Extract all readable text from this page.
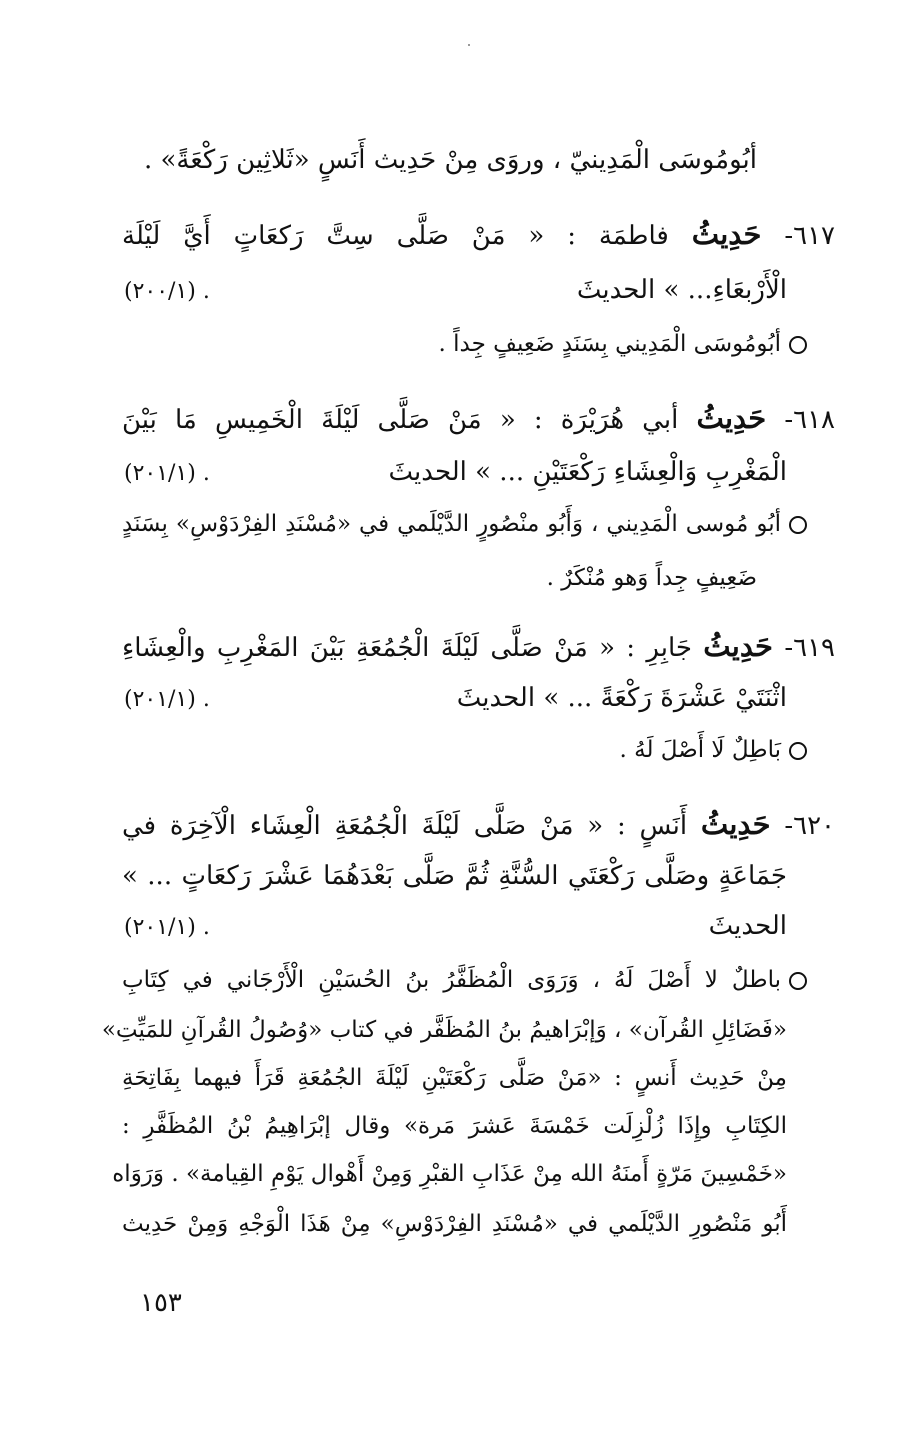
أبُومُوسَى الْمَدِينيّ ، وروَى مِنْ حَدِيث أَنَسٍ «ثَلاثِين رَكْعَةً» .
٦١٧- حَدِيثُ فاطمَة : « مَنْ صَلَّى سِتَّ رَكعَاتٍ أَيَّ لَيْلَة
الْأَرْبعَاءِ... » الحديثَ
(٢٠٠/١) .
أبُومُوسَى الْمَدِيني بِسَنَدٍ ضَعِيفٍ جِداً .
٦١٨- حَدِيثُ أبي هُرَيْرَة : « مَنْ صَلَّى لَيْلَةَ الْخَمِيسِ مَا بَيْنَ
الْمَغْرِبِ وَالْعِشَاءِ رَكْعَتَيْنِ ... » الحديثَ
(٢٠١/١) .
أبُو مُوسى الْمَدِيني ، وَأَبُو منْصُورٍ الدَّيْلَمي في «مُسْنَدِ الفِرْدَوْسِ» بِسَنَدٍ
ضَعِيفٍ جِداً وَهو مُنْكَرٌ .
٦١٩- حَدِيثُ جَابِرِ : « مَنْ صَلَّى لَيْلَةَ الْجُمُعَةِ بَيْنَ المَغْرِبِ والْعِشَاءِ
اثْنَتَيْ عَشْرَةَ رَكْعَةً ... » الحديثَ
(٢٠١/١) .
بَاطِلٌ لَا أَصْلَ لَهُ .
٦٢٠- حَدِيثُ أَنَسٍ : « مَنْ صَلَّى لَيْلَةَ الْجُمُعَةِ الْعِشَاء الْآخِرَة في
جَمَاعَةٍ وصَلَّى رَكْعَتَي السُّنَّةِ ثُمَّ صَلَّى بَعْدَهُمَا عَشْرَ رَكعَاتٍ ... »
الحديثَ
(٢٠١/١) .
باطلٌ لا أَصْلَ لَهُ ، وَرَوَى الْمُظَفَّرُ بنُ الحُسَيْنِ الْأَرْجَاني في كِتَابِ
«فَضَائِلِ القُرآن» ، وَإبْرَاهيمُ بنُ المُظَفَّر في كتاب «وُصُولُ القُرآنِ للمَيِّتِ»
مِنْ حَدِيث أَنسٍ : «مَنْ صَلَّى رَكْعَتَيْنِ لَيْلَةَ الجُمُعَةِ قَرَأَ فيهما بِفَاتِحَةِ
الكِتَابِ وإِذَا زُلْزِلَت خَمْسَةَ عَشرَ مَرة» وقال إبْرَاهِيمُ بْنُ المُظَفَّرِ :
«خَمْسِينَ مَرّةٍ أَمنَهُ الله مِنْ عَذَابِ القبْرِ وَمِنْ أَهْوال يَوْمِ القِيامة» . وَرَوَاه
أَبُو مَنْصُورِ الدَّيْلَمي في «مُسْنَدِ الفِرْدَوْسِ» مِنْ هَذَا الْوَجْهِ وَمِنْ حَدِيث
١٥٣
